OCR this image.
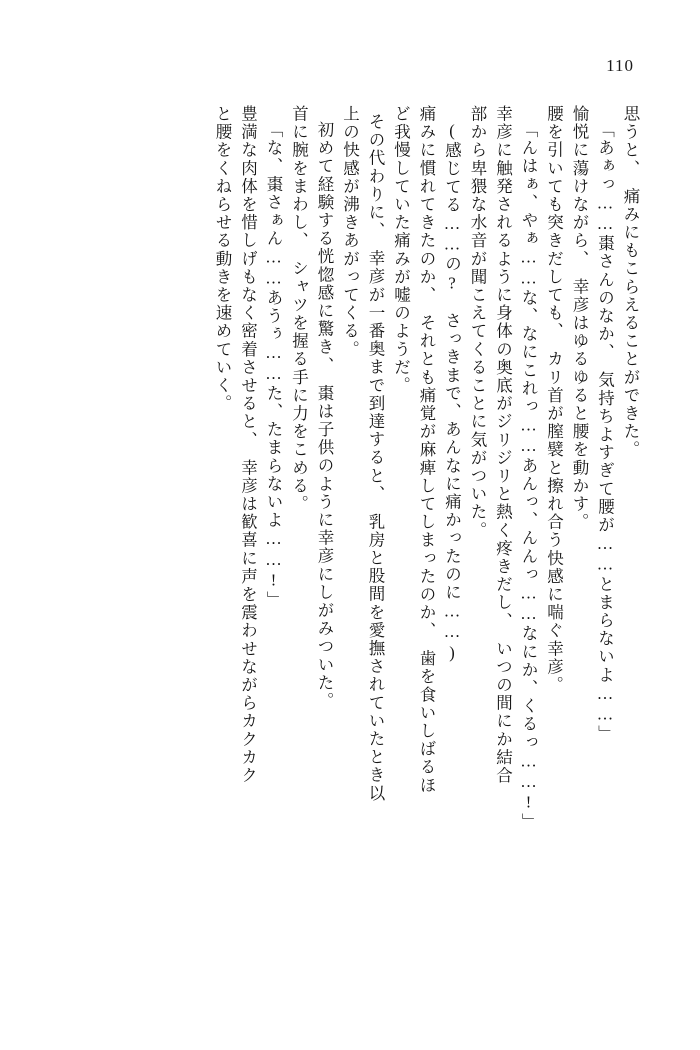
110
思うと、　痛みにもこらえることができた。
「あぁっ……棗さんのなか、　気持ちよすぎて腰が……とまらないよ……」
愉悦に蕩けながら、　幸彦はゆるゆると腰を動かす。
腰を引いても突きだしても、　カリ首が膣襞と擦れ合う快感に喘ぐ幸彦。
「んはぁ、やぁ……な、なにこれっ……あんっ、んんっ……なにか、くるっ……!」
幸彦に触発されるように身体の奥底がジリジリと熱く疼きだし、　いつの間にか結合
部から卑猥な水音が聞こえてくることに気がついた。
(感じてる……の?　さっきまで、あんなに痛かったのに……)
痛みに慣れてきたのか、　それとも痛覚が麻痺してしまったのか、　歯を食いしばるほ
ど我慢していた痛みが嘘のようだ。
その代わりに、　幸彦が一番奥まで到達すると、　乳房と股間を愛撫されていたとき以
上の快感が沸きあがってくる。
初めて経験する恍惚感に驚き、　棗は子供のように幸彦にしがみついた。
首に腕をまわし、　シャツを握る手に力をこめる。
「な、棗さぁん……あうぅ……た、たまらないよ……!」
豊満な肉体を惜しげもなく密着させると、　幸彦は歓喜に声を震わせながらカクカク
と腰をくねらせる動きを速めていく。
